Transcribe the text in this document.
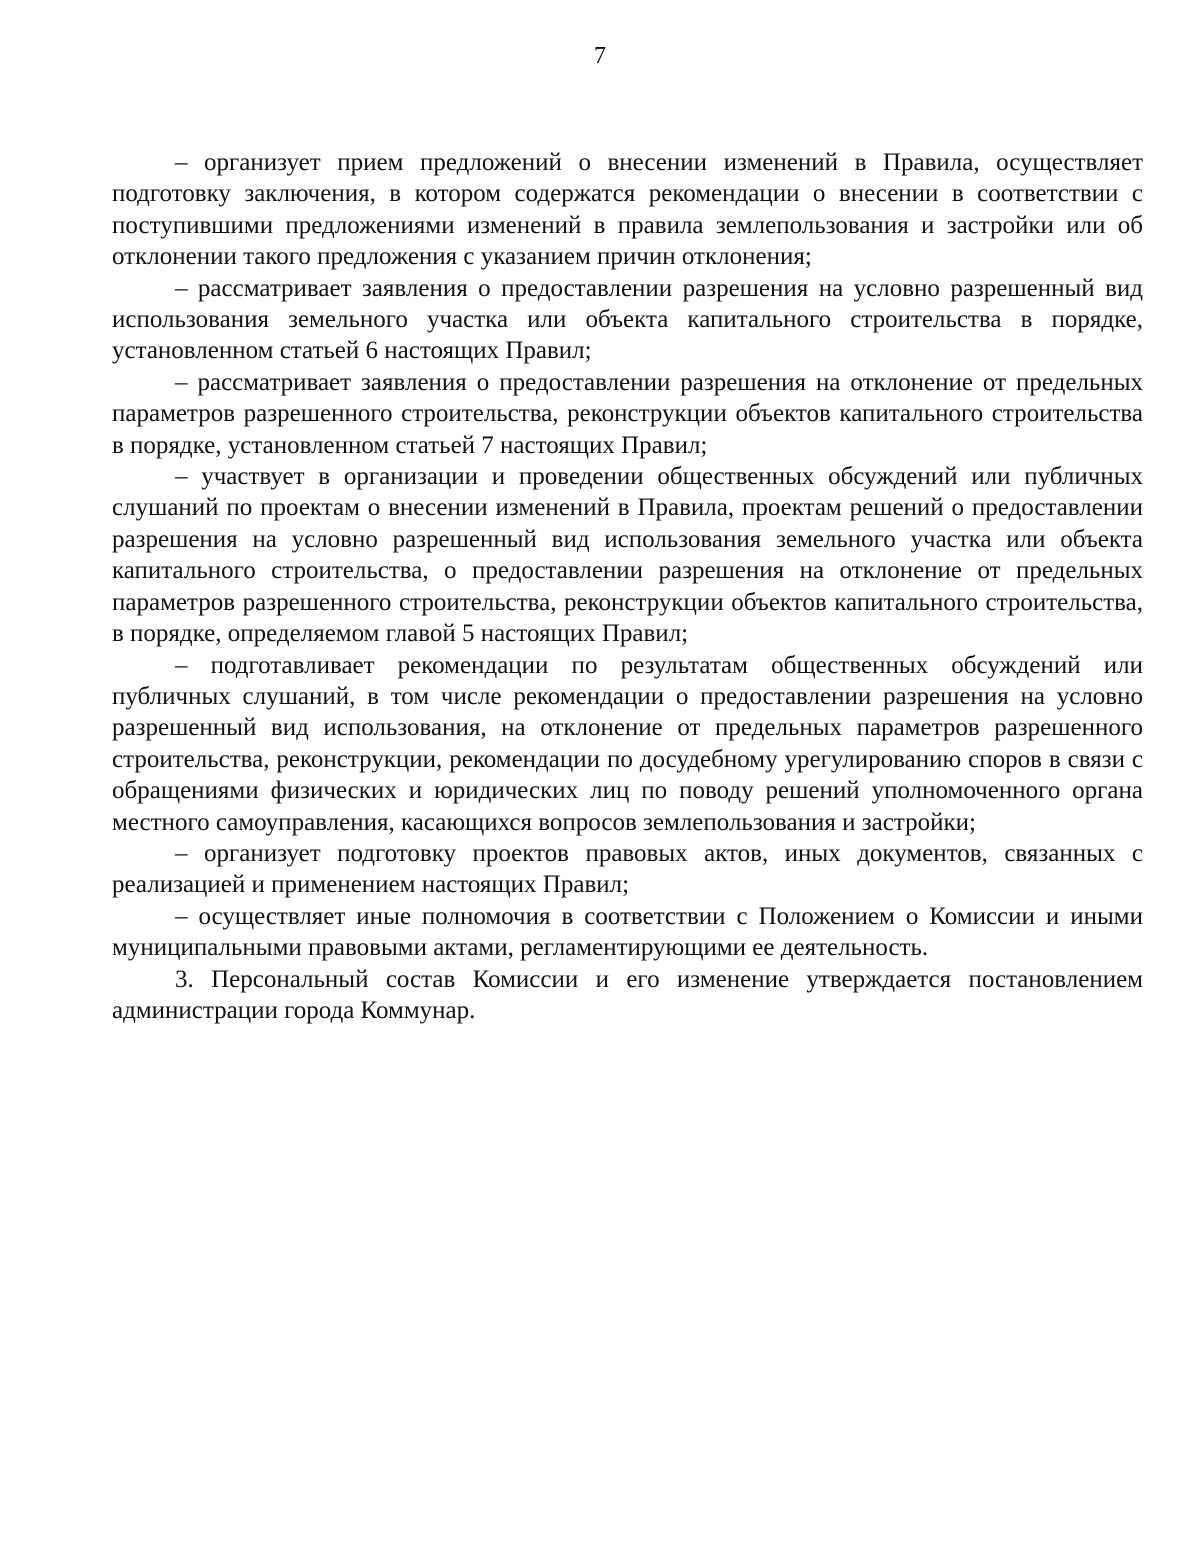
7

– организует прием предложений о внесении изменений в Правила, осуществляет подготовку заключения, в котором содержатся рекомендации о внесении в соответствии с поступившими предложениями изменений в правила землепользования и застройки или об отклонении такого предложения с указанием причин отклонения;

– рассматривает заявления о предоставлении разрешения на условно разрешенный вид использования земельного участка или объекта капитального строительства в порядке, установленном статьей 6 настоящих Правил;

– рассматривает заявления о предоставлении разрешения на отклонение от предельных параметров разрешенного строительства, реконструкции объектов капитального строительства в порядке, установленном статьей 7 настоящих Правил;

– участвует в организации и проведении общественных обсуждений или публичных слушаний по проектам о внесении изменений в Правила, проектам решений о предоставлении разрешения на условно разрешенный вид использования земельного участка или объекта капитального строительства, о предоставлении разрешения на отклонение от предельных параметров разрешенного строительства, реконструкции объектов капитального строительства, в порядке, определяемом главой 5 настоящих Правил;

– подготавливает рекомендации по результатам общественных обсуждений или публичных слушаний, в том числе рекомендации о предоставлении разрешения на условно разрешенный вид использования, на отклонение от предельных параметров разрешенного строительства, реконструкции, рекомендации по досудебному урегулированию споров в связи с обращениями физических и юридических лиц по поводу решений уполномоченного органа местного самоуправления, касающихся вопросов землепользования и застройки;

– организует подготовку проектов правовых актов, иных документов, связанных с реализацией и применением настоящих Правил;

– осуществляет иные полномочия в соответствии с Положением о Комиссии и иными муниципальными правовыми актами, регламентирующими ее деятельность.

3. Персональный состав Комиссии и его изменение утверждается постановлением администрации города Коммунар.
